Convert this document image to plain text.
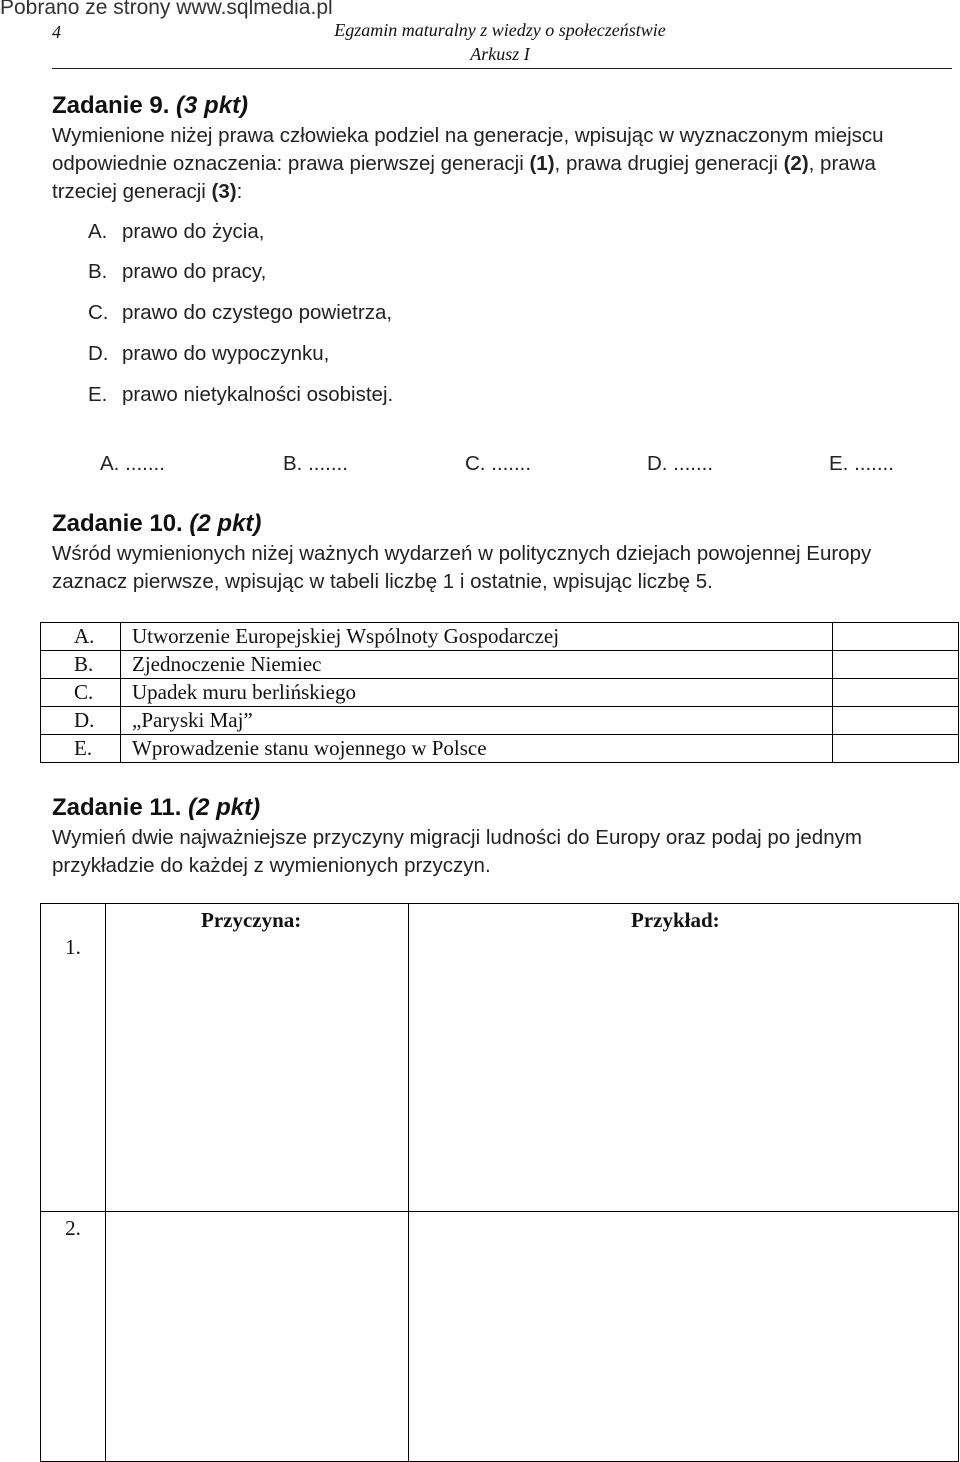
Pobrano ze strony www.sqlmedia.pl
4	Egzamin maturalny z wiedzy o społeczeństwie
Arkusz I
Zadanie 9. (3 pkt)
Wymienione niżej prawa człowieka podziel na generacje, wpisując w wyznaczonym miejscu
odpowiednie oznaczenia: prawa pierwszej generacji (1), prawa drugiej generacji (2), prawa
trzeciej generacji (3):
A. prawo do życia,
B. prawo do pracy,
C. prawo do czystego powietrza,
D. prawo do wypoczynku,
E. prawo nietykalności osobistej.
A. .......	B. .......	C. .......	D. .......	E. .......
Zadanie 10. (2 pkt)
Wśród wymienionych niżej ważnych wydarzeń w politycznych dziejach powojennej Europy
zaznacz pierwsze, wpisując w tabeli liczbę 1 i ostatnie, wpisując liczbę 5.
A.	Utworzenie Europejskiej Wspólnoty Gospodarczej	
B.	Zjednoczenie Niemiec	
C.	Upadek muru berlińskiego	
D.	„Paryski Maj”	
E.	Wprowadzenie stanu wojennego w Polsce	
Zadanie 11. (2 pkt)
Wymień dwie najważniejsze przyczyny migracji ludności do Europy oraz podaj po jednym
przykładzie do każdej z wymienionych przyczyn.
1.	Przyczyna:	Przykład:
2.		
